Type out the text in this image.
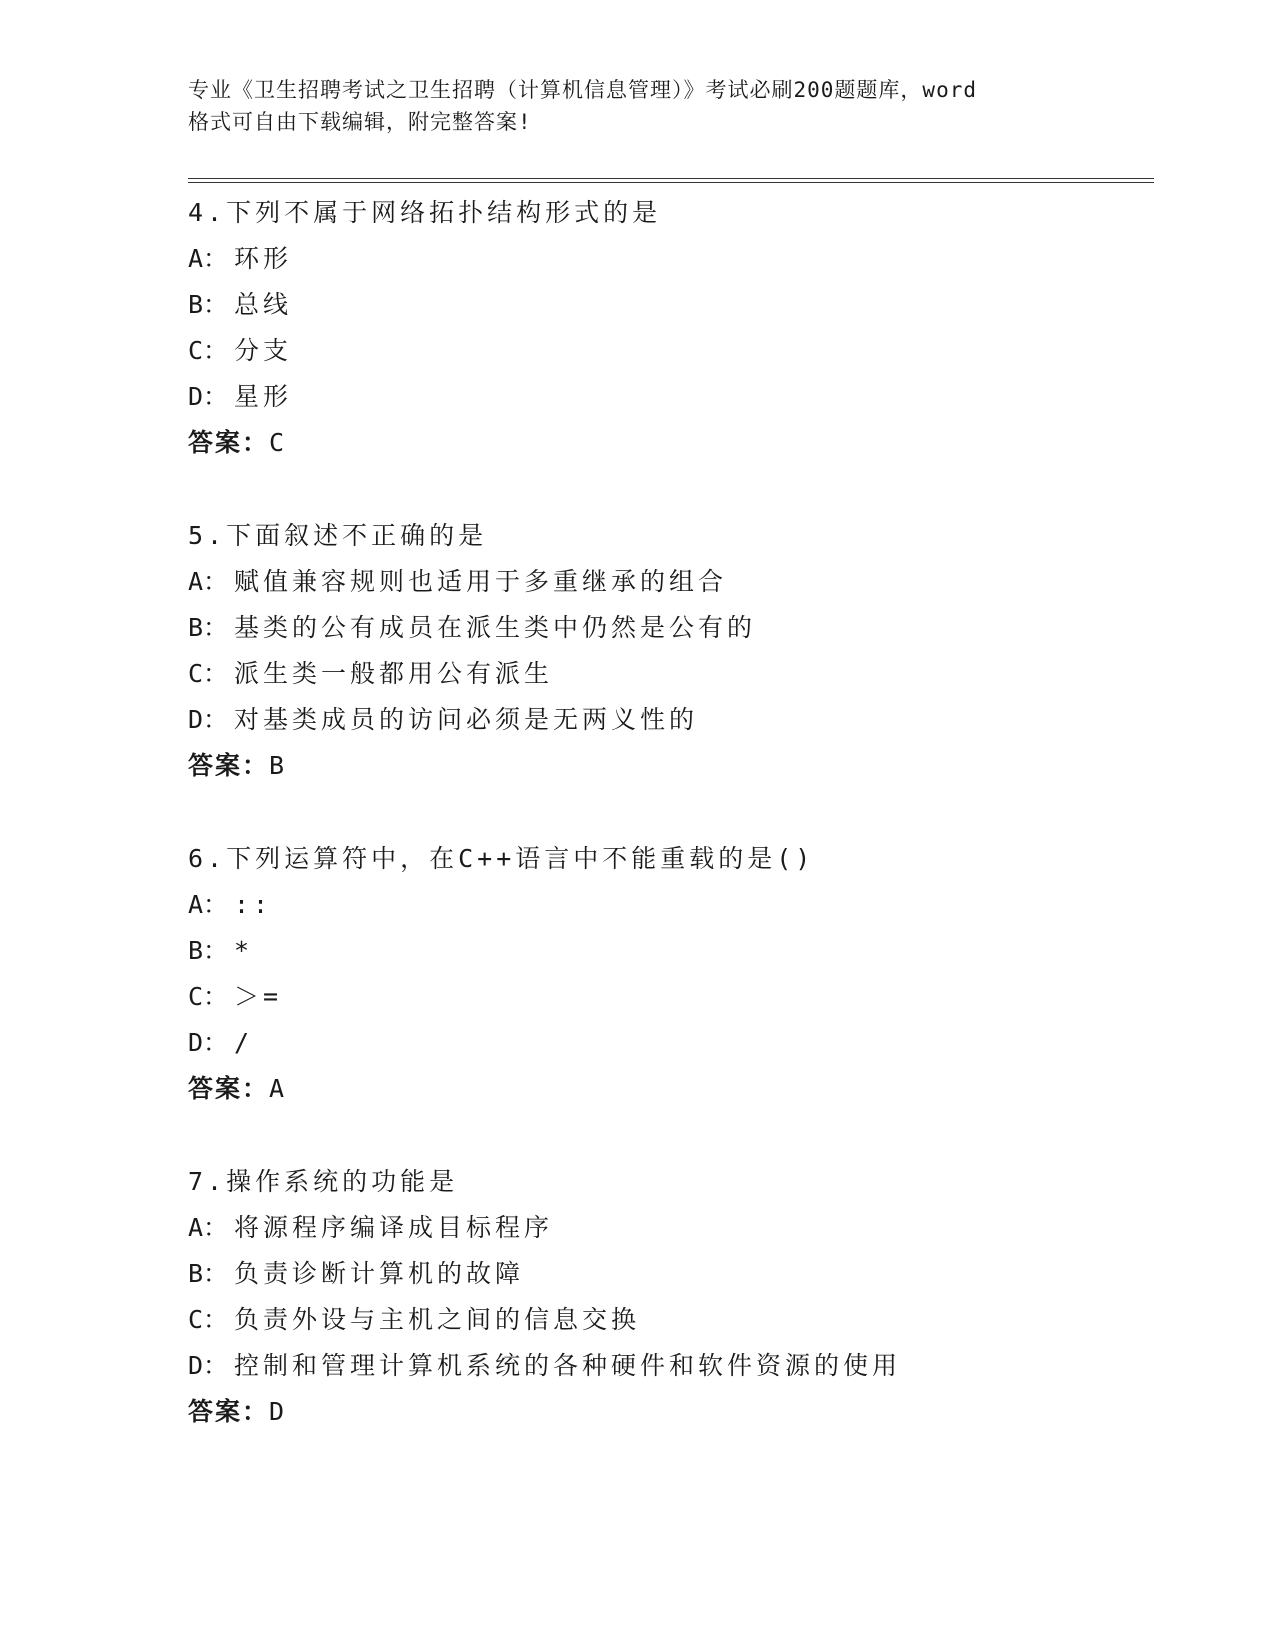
专业《卫生招聘考试之卫生招聘（计算机信息管理）》考试必刷200题题库，word
格式可自由下载编辑，附完整答案!
4.下列不属于网络拓扑结构形式的是
A： 环形
B： 总线
C： 分支
D： 星形
答案：C
5.下面叙述不正确的是
A： 赋值兼容规则也适用于多重继承的组合
B： 基类的公有成员在派生类中仍然是公有的
C： 派生类一般都用公有派生
D： 对基类成员的访问必须是无两义性的
答案：B
6.下列运算符中，在C++语言中不能重载的是()
A： ::
B： *
C： ＞=
D： /
答案：A
7.操作系统的功能是
A： 将源程序编译成目标程序
B： 负责诊断计算机的故障
C： 负责外设与主机之间的信息交换
D： 控制和管理计算机系统的各种硬件和软件资源的使用
答案：D
